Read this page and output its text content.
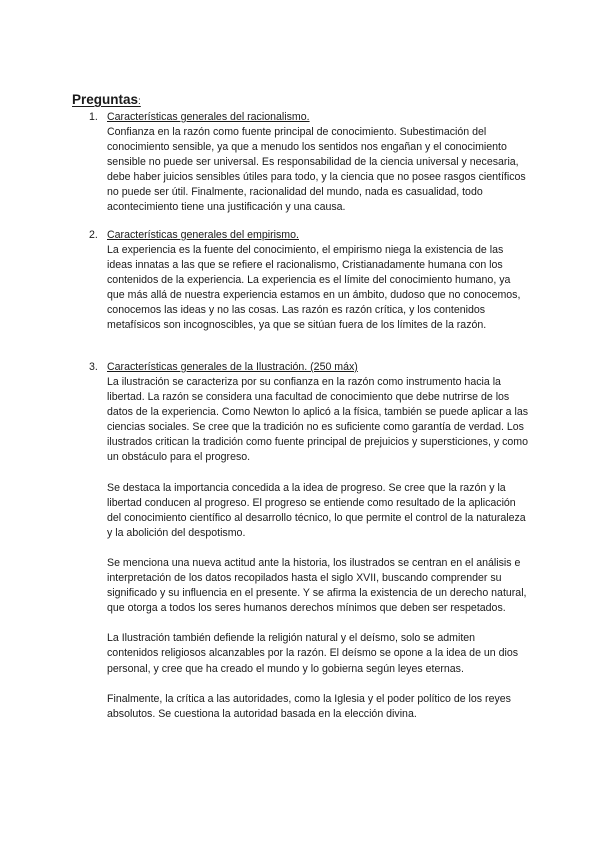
Preguntas:
1. Características generales del racionalismo.

Confianza en la razón como fuente principal de conocimiento. Subestimación del conocimiento sensible, ya que a menudo los sentidos nos engañan y el conocimiento sensible no puede ser universal. Es responsabilidad de la ciencia universal y necesaria, debe haber juicios sensibles útiles para todo, y la ciencia que no posee rasgos científicos no puede ser útil. Finalmente, racionalidad del mundo, nada es casualidad, todo acontecimiento tiene una justificación y una causa.

2. Características generales del empirismo.

La experiencia es la fuente del conocimiento, el empirismo niega la existencia de las ideas innatas a las que se refiere el racionalismo, Cristianadamente humana con los contenidos de la experiencia. La experiencia es el límite del conocimiento humano, ya que más allá de nuestra experiencia estamos en un ámbito, dudoso que no conocemos, conocemos las ideas y no las cosas. Las razón es razón crítica, y los contenidos metafísicos son incognoscibles, ya que se sitúan fuera de los límites de la razón.

3. Características generales de la Ilustración. (250 máx)

La ilustración se caracteriza por su confianza en la razón como instrumento hacia la libertad. La razón se considera una facultad de conocimiento que debe nutrirse de los datos de la experiencia. Como Newton lo aplicó a la física, también se puede aplicar a las ciencias sociales. Se cree que la tradición no es suficiente como garantía de verdad. Los ilustrados critican la tradición como fuente principal de prejuicios y supersticiones, y como un obstáculo para el progreso.

Se destaca la importancia concedida a la idea de progreso. Se cree que la razón y la libertad conducen al progreso. El progreso se entiende como resultado de la aplicación del conocimiento científico al desarrollo técnico, lo que permite el control de la naturaleza y la abolición del despotismo.

Se menciona una nueva actitud ante la historia, los ilustrados se centran en el análisis e interpretación de los datos recopilados hasta el siglo XVII, buscando comprender su significado y su influencia en el presente. Y se afirma la existencia de un derecho natural, que otorga a todos los seres humanos derechos mínimos que deben ser respetados.

La Ilustración también defiende la religión natural y el deísmo, solo se admiten contenidos religiosos alcanzables por la razón. El deísmo se opone a la idea de un dios personal, y cree que ha creado el mundo y lo gobierna según leyes eternas.

Finalmente, la crítica a las autoridades, como la Iglesia y el poder político de los reyes absolutos. Se cuestiona la autoridad basada en la elección divina.
